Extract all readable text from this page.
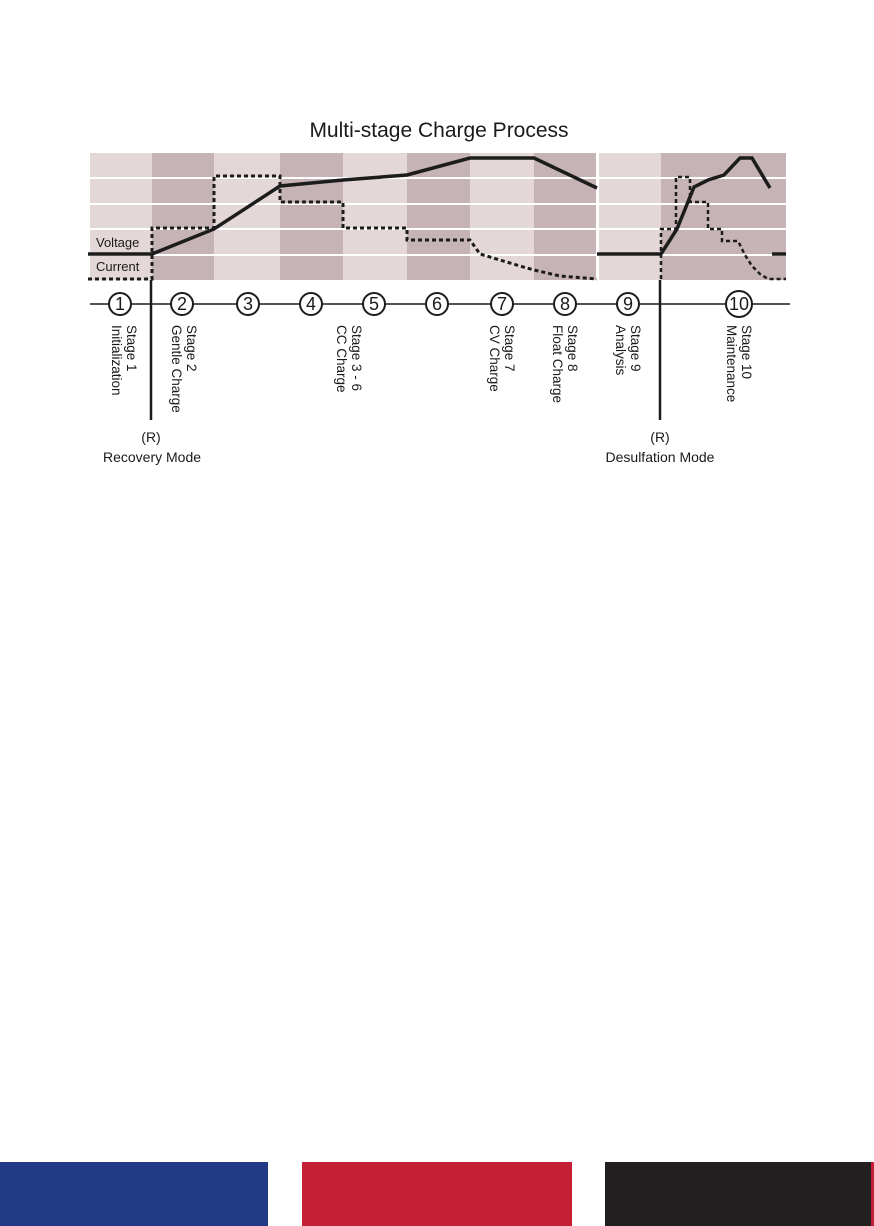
Multi-stage Charge Process
Voltage
Current
1	2	3	4	5	6	7	8	9	10
Stage 1
Initialization	Stage 2
Gentle Charge	Stage 3 - 6
CC Charge	Stage 7
CV Charge	Stage 8
Float Charge	Stage 9
Analysis	Stage 10
Maintenance
(R)
Recovery Mode
(R)
Desulfation Mode
